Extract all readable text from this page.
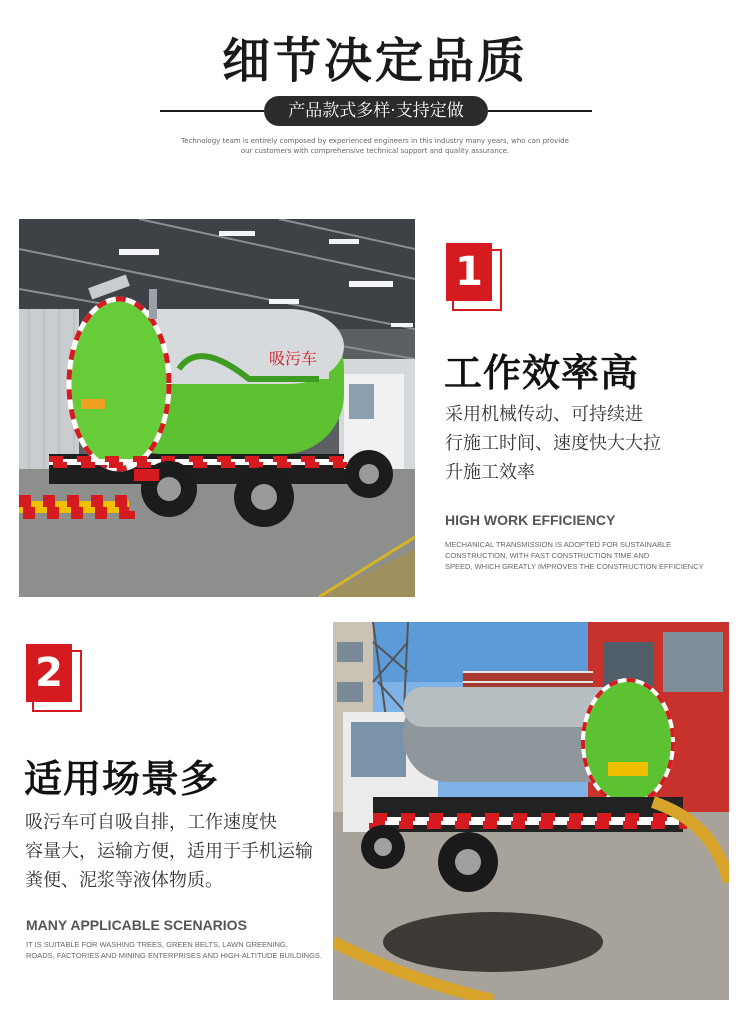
细节决定品质
产品款式多样·支持定做
Technology team is entirely composed by experienced engineers in this industry many years, who can provide
our customers with comprehensive technical support and quality assurance.
吸污车
1
工作效率高
采用机械传动、可持续进
行施工时间、速度快大大拉
升施工效率
HIGH WORK EFFICIENCY
MECHANICAL TRANSMISSION IS ADOPTED FOR SUSTAINABLE
CONSTRUCTION, WITH FAST CONSTRUCTION TIME AND
SPEED, WHICH GREATLY IMPROVES THE CONSTRUCTION EFFICIENCY
2
适用场景多
吸污车可自吸自排，工作速度快
容量大，运输方便，适用于手机运输
粪便、泥浆等液体物质。
MANY APPLICABLE SCENARIOS
IT IS SUITABLE FOR WASHING TREES, GREEN BELTS, LAWN GREENING,
ROADS, FACTORIES AND MINING ENTERPRISES AND HIGH-ALTITUDE BUILDINGS.
